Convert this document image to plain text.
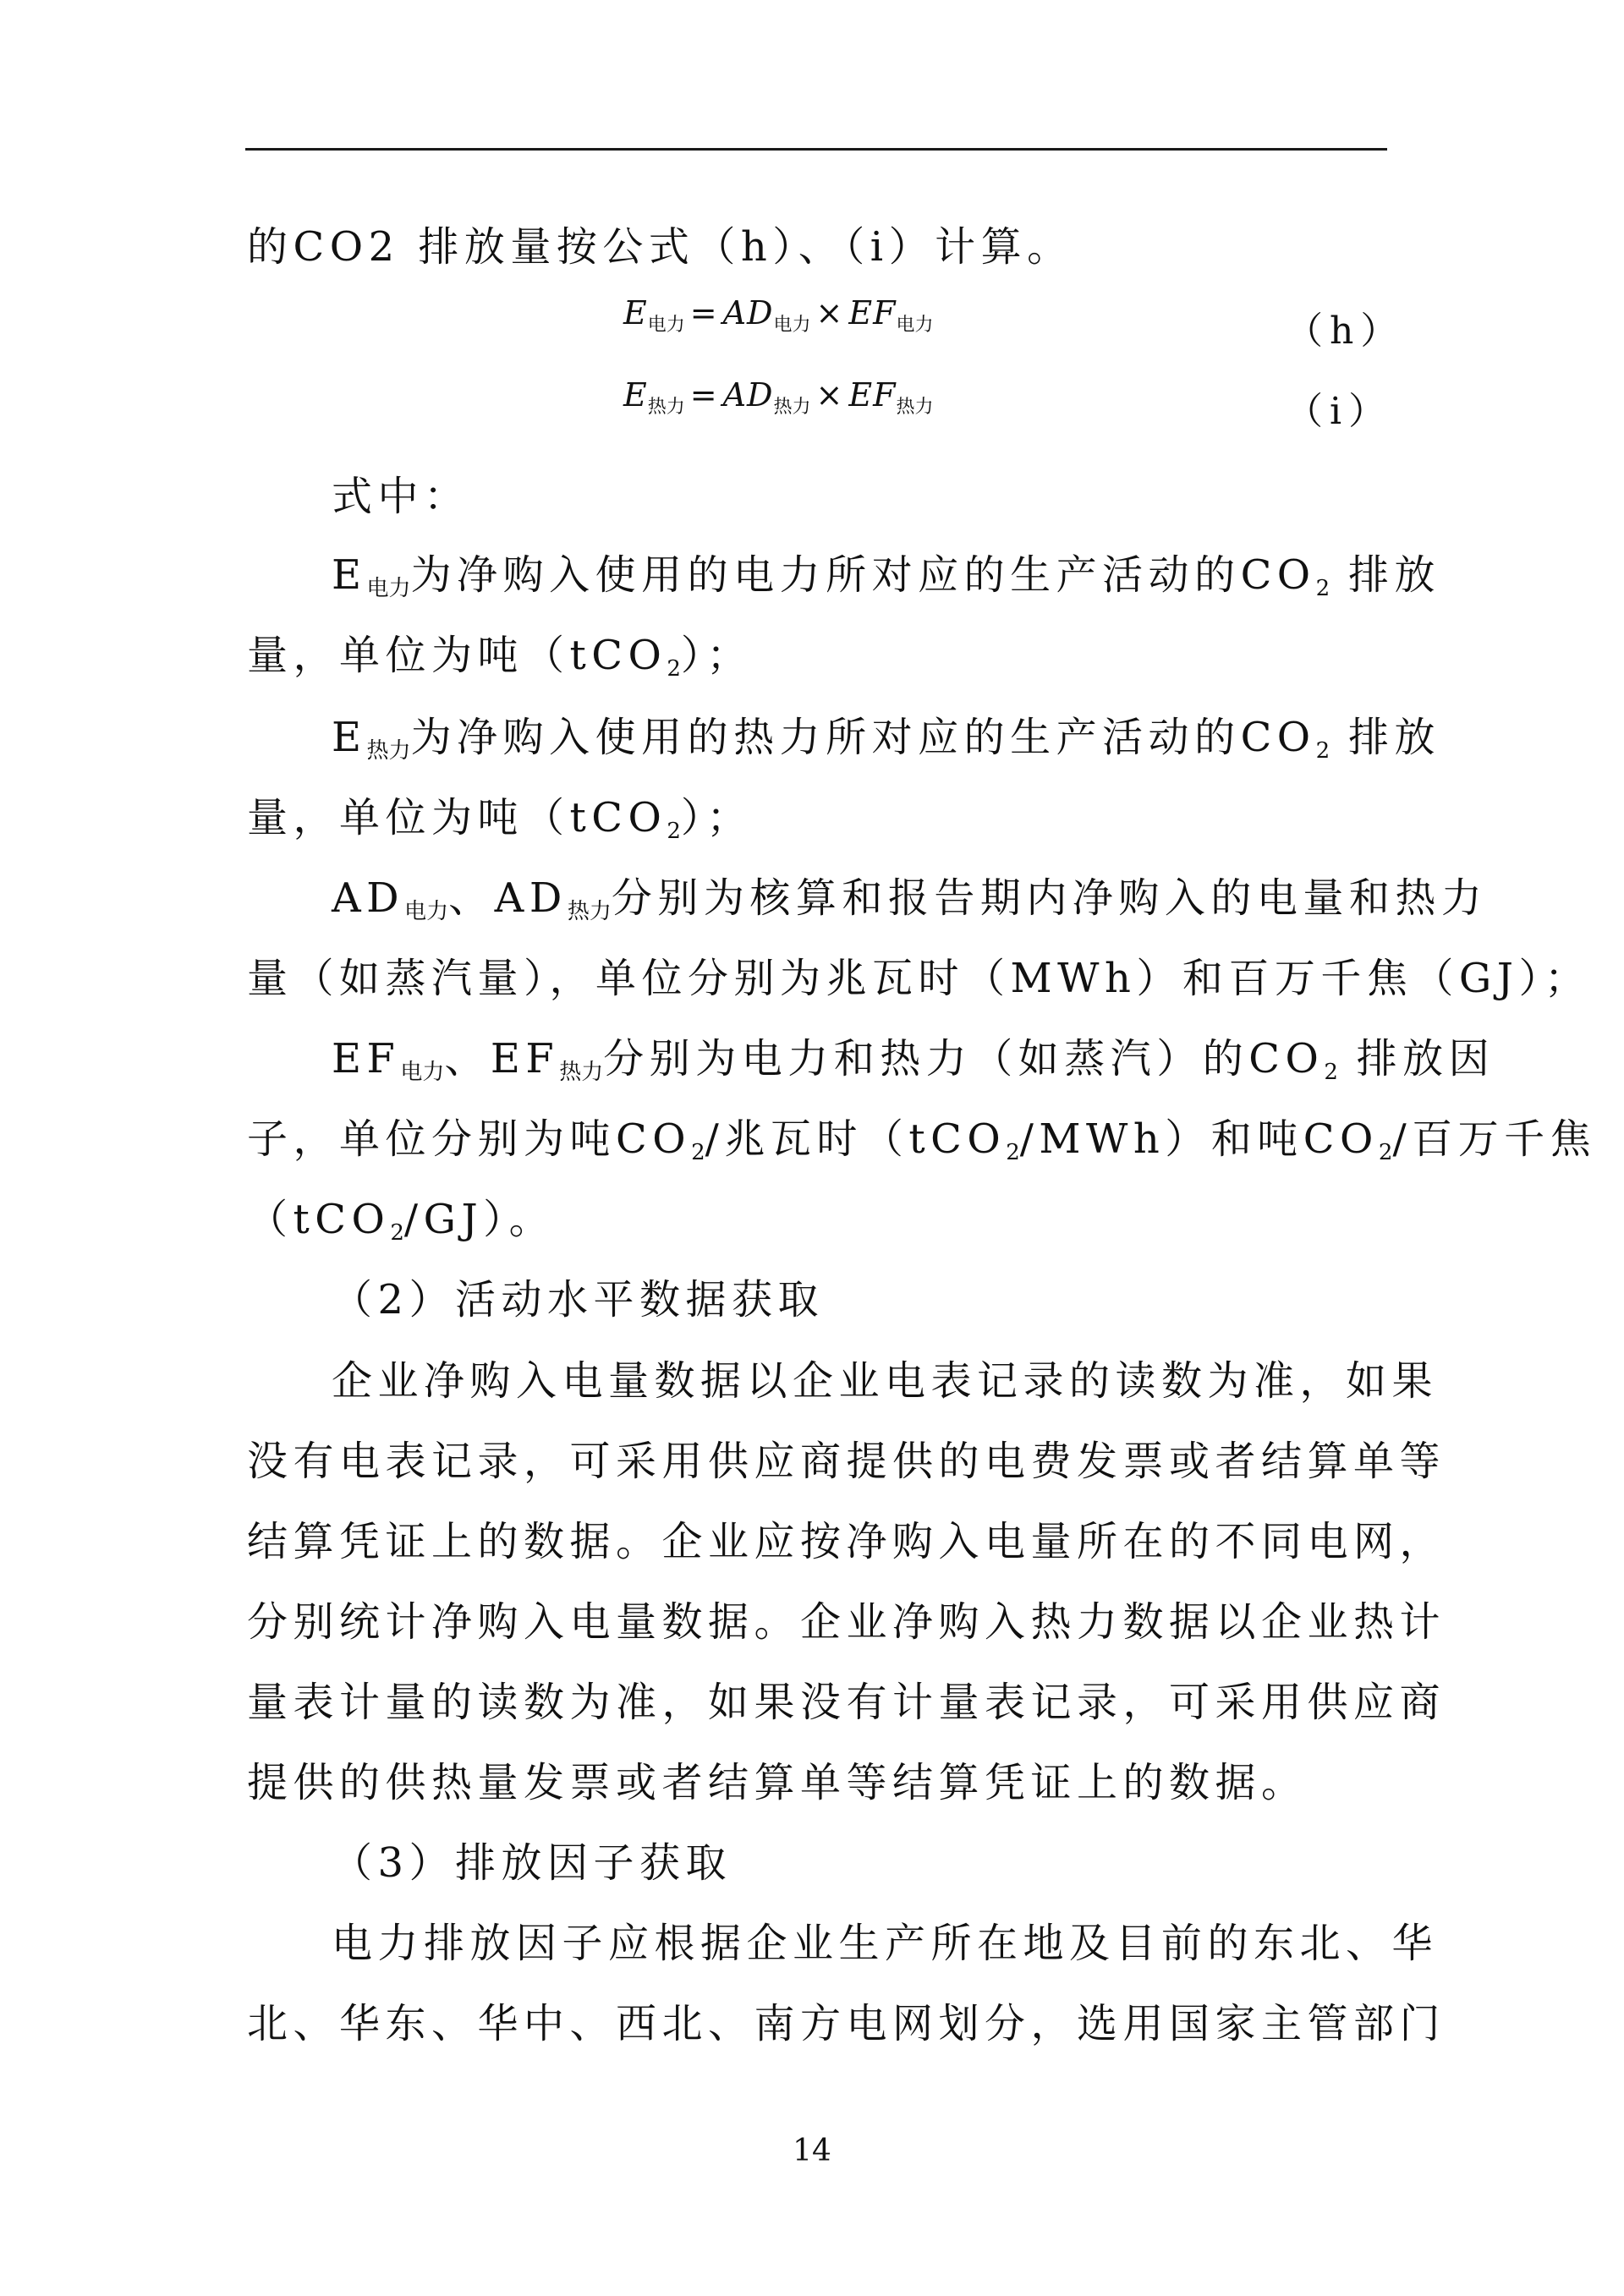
的CO2 排放量按公式（h）、（i）计算。
$E_{电力} = AD_{电力} \times EF_{电力}$	（h）
$E_{热力} = AD_{热力} \times EF_{热力}$	（i）
式中：
$E_{电力}$为净购入使用的电力所对应的生产活动的$CO_2$ 排放
量，单位为吨（tCO$_2$）；
$E_{热力}$为净购入使用的热力所对应的生产活动的$CO_2$ 排放
量，单位为吨（tCO$_2$）；
$AD_{电力}$、$AD_{热力}$分别为核算和报告期内净购入的电量和热力
量（如蒸汽量），单位分别为兆瓦时（MWh）和百万千焦（GJ）；
$EF_{电力}$、$EF_{热力}$分别为电力和热力（如蒸汽）的$CO_2$ 排放因
子，单位分别为吨$CO_2/$兆瓦时（tCO$_2$/MWh）和吨$CO_2/$百万千焦
（tCO$_2$/GJ）。
（2）活动水平数据获取
企业净购入电量数据以企业电表记录的读数为准，如果
没有电表记录，可采用供应商提供的电费发票或者结算单等
结算凭证上的数据。企业应按净购入电量所在的不同电网，
分别统计净购入电量数据。企业净购入热力数据以企业热计
量表计量的读数为准，如果没有计量表记录，可采用供应商
提供的供热量发票或者结算单等结算凭证上的数据。
（3）排放因子获取
电力排放因子应根据企业生产所在地及目前的东北、华
北、华东、华中、西北、南方电网划分，选用国家主管部门
14
